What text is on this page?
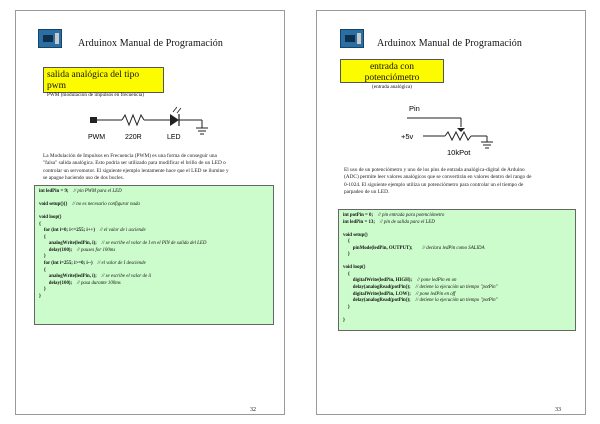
Arduinox Manual de Programación
salida analógica del tipo pwm
PWM (modulación de impulsos en frecuencia)
PWM	220R	LED
La Modulación de Impulsos en Frecuencia (PWM) es una forma de conseguir una
"falsa" salida analógica. Esto podría ser utilizado para modificar el brillo de un LED o
controlar un servomotor. El siguiente ejemplo lentamente hace que el LED se ilumine y
se apague haciendo uso de dos bucles.
int ledPin = 9; // pin PWM para el LED
void setup(){} // no es necesario configurar nada
void loop()
{
for (int i=0; i<=255; i++) // el valor de i asciende
{
analogWrite(ledPin, i); // se escribe el valor de I en el PIN de salida del LED
delay(100); // pauses for 100ms
}
for (int i=255; i>=0; i--) // el valor de I desciende
{
analogWrite(ledPin, i); // se escribe el valor de ii
delay(100); // pasa durante 100ms
}
}
32
Arduinox Manual de Programación
entrada con potenciómetro
(entrada analógica)
Pin
+5v
10kPot
El uso de un potenciómetro y uno de los pins de entrada analógica-digital de Arduino
(ADC) permite leer valores analógicos que se convertirán en valores dentro del rango de
0-1024. El siguiente ejemplo utiliza un potenciómetro para controlar un el tiempo de
parpadeo de un LED.
int potPin = 0; // pin entrada para potenciómetro
int ledPin = 13; // pin de salida para el LED
void setup()
{
pinMode(ledPin, OUTPUT);        // declara ledPin como SALIDA
}
void loop()
{
digitalWrite(ledPin, HIGH); // pone ledPin en on
delay(analogRead(potPin)); // detiene la ejecución un tiempo "potPin"
digitalWrite(ledPin, LOW); // pone ledPin en off
delay(analogRead(potPin)); // detiene la ejecución un tiempo "potPin"
}
}
33
